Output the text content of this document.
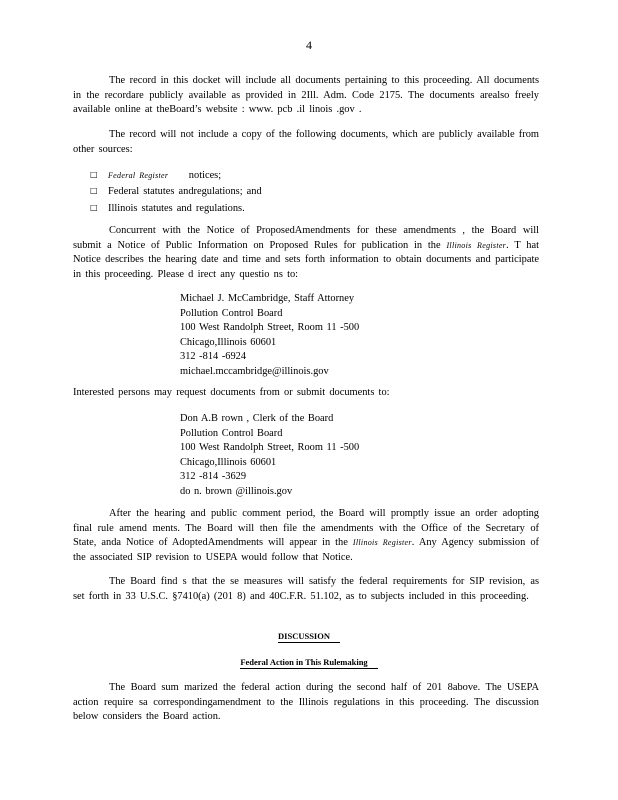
4
The record in this docket will include all documents pertaining to this proceeding. All documents in the recordare publicly available as provided in 2Ill. Adm. Code 2175. The documents arealso freely available online at theBoard’s website : www. pcb .il linois .gov .
The record will not include a copy of the following documents, which are publicly available from other sources:
□ Federal Register notices;
□ Federal statutes andregulations; and
□ Illinois statutes and regulations.
Concurrent with the Notice of ProposedAmendments for these amendments , the Board will submit a Notice of Public Information on Proposed Rules for publication in the Illinois Register. T hat Notice describes the hearing date and time and sets forth information to obtain documents and participate in this proceeding. Please d irect any questio ns to:
Michael J. McCambridge, Staff Attorney
Pollution Control Board
100 West Randolph Street, Room 11 -500
Chicago,Illinois 60601
312 -814 -6924
michael.mccambridge@illinois.gov
Interested persons may request documents from or submit documents to:
Don A.B rown , Clerk of the Board
Pollution Control Board
100 West Randolph Street, Room 11 -500
Chicago,Illinois 60601
312 -814 -3629
do n. brown @illinois.gov
After the hearing and public comment period, the Board will promptly issue an order adopting final rule amend ments. The Board will then file the amendments with the Office of the Secretary of State, anda Notice of AdoptedAmendments will appear in the Illinois Register. Any Agency submission of the associated SIP revision to USEPA would follow that Notice.
The Board find s that the se measures will satisfy the federal requirements for SIP revision, as set forth in 33 U.S.C. §7410(a) (201 8) and 40C.F.R. 51.102, as to subjects included in this proceeding.
DISCUSSION
Federal Action in This Rulemaking
The Board sum marized the federal action during the second half of 201 8above. The USEPA action require sa correspondingamendment to the Illinois regulations in this proceeding. The discussion below considers the Board action.
